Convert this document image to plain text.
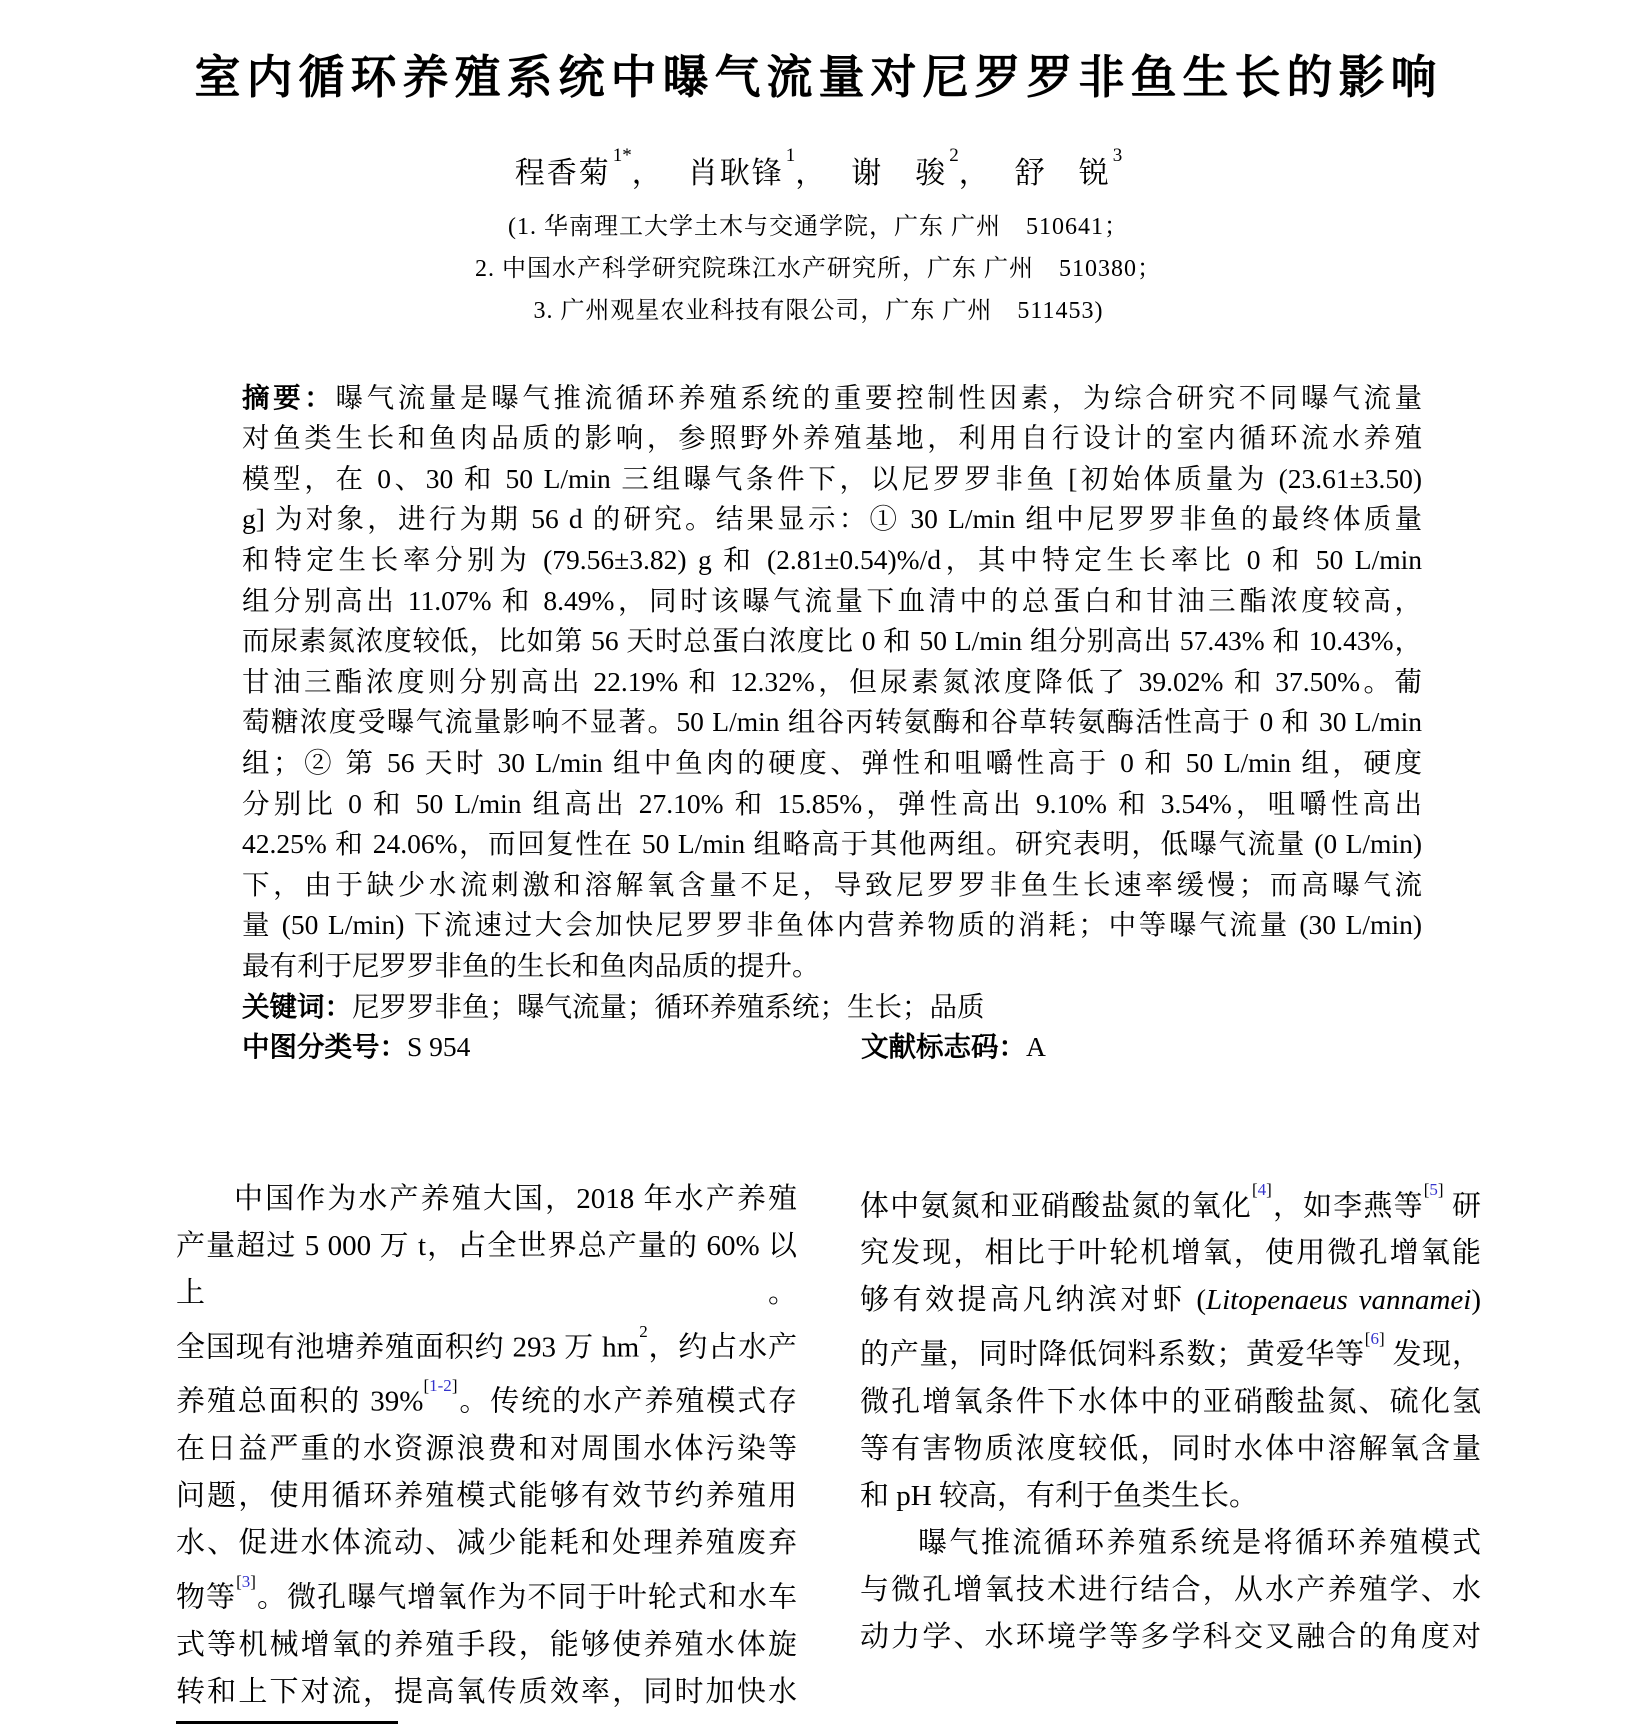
室内循环养殖系统中曝气流量对尼罗罗非鱼生长的影响
程香菊$^{1*}$， 肖耿锋$^1$， 谢　骏$^2$， 舒　锐$^3$
(1. 华南理工大学土木与交通学院，广东 广州　510641；
2. 中国水产科学研究院珠江水产研究所，广东 广州　510380；
3. 广州观星农业科技有限公司，广东 广州　511453)
摘要：曝气流量是曝气推流循环养殖系统的重要控制性因素，为综合研究不同曝气流量
对鱼类生长和鱼肉品质的影响，参照野外养殖基地，利用自行设计的室内循环流水养殖
模型，在 0、30 和 50 L/min 三组曝气条件下，以尼罗罗非鱼 [初始体质量为 (23.61±3.50)
g] 为对象，进行为期 56 d 的研究。结果显示：① 30 L/min 组中尼罗罗非鱼的最终体质量
和特定生长率分别为 (79.56±3.82) g 和 (2.81±0.54)%/d，其中特定生长率比 0 和 50 L/min
组分别高出 11.07% 和 8.49%，同时该曝气流量下血清中的总蛋白和甘油三酯浓度较高，
而尿素氮浓度较低，比如第 56 天时总蛋白浓度比 0 和 50 L/min 组分别高出 57.43% 和 10.43%，
甘油三酯浓度则分别高出 22.19% 和 12.32%，但尿素氮浓度降低了 39.02% 和 37.50%。葡
萄糖浓度受曝气流量影响不显著。50 L/min 组谷丙转氨酶和谷草转氨酶活性高于 0 和 30 L/min
组；② 第 56 天时 30 L/min 组中鱼肉的硬度、弹性和咀嚼性高于 0 和 50 L/min 组，硬度
分别比 0 和 50 L/min 组高出 27.10% 和 15.85%，弹性高出 9.10% 和 3.54%，咀嚼性高出
42.25% 和 24.06%，而回复性在 50 L/min 组略高于其他两组。研究表明，低曝气流量 (0 L/min)
下，由于缺少水流刺激和溶解氧含量不足，导致尼罗罗非鱼生长速率缓慢；而高曝气流
量 (50 L/min) 下流速过大会加快尼罗罗非鱼体内营养物质的消耗；中等曝气流量 (30 L/min)
最有利于尼罗罗非鱼的生长和鱼肉品质的提升。
关键词：尼罗罗非鱼；曝气流量；循环养殖系统；生长；品质
中图分类号：S 954	文献标志码：A
中国作为水产养殖大国，2018 年水产养殖
产量超过 5 000 万 t，占全世界总产量的 60% 以上。
全国现有池塘养殖面积约 293 万 $hm^2$，约占水产
养殖总面积的 39%[1-2]。传统的水产养殖模式存
在日益严重的水资源浪费和对周围水体污染等
问题，使用循环养殖模式能够有效节约养殖用
水、促进水体流动、减少能耗和处理养殖废弃
物等[3]。微孔曝气增氧作为不同于叶轮式和水车
式等机械增氧的养殖手段，能够使养殖水体旋
转和上下对流，提高氧传质效率，同时加快水
体中氨氮和亚硝酸盐氮的氧化[4]，如李燕等[5] 研
究发现，相比于叶轮机增氧，使用微孔增氧能
够有效提高凡纳滨对虾 (Litopenaeus vannamei)
的产量，同时降低饲料系数；黄爱华等[6] 发现，
微孔增氧条件下水体中的亚硝酸盐氮、硫化氢
等有害物质浓度较低，同时水体中溶解氧含量
和 pH 较高，有利于鱼类生长。
曝气推流循环养殖系统是将循环养殖模式
与微孔增氧技术进行结合，从水产养殖学、水
动力学、水环境学等多学科交叉融合的角度对
